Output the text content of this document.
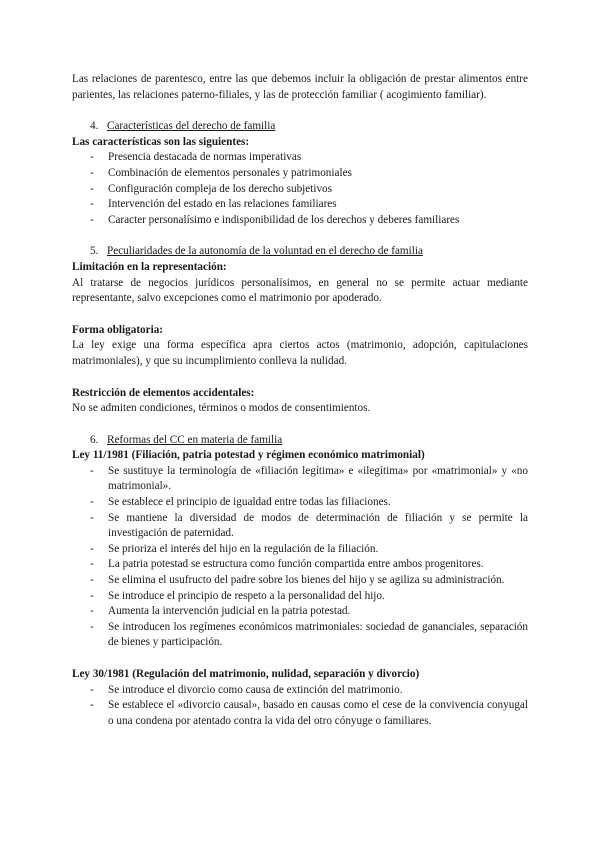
Las relaciones de parentesco, entre las que debemos incluir la obligación de prestar alimentos entre parientes, las relaciones paterno-filiales, y las de protección familiar ( acogimiento familiar).

4. Características del derecho de familia

Las características son las siguientes:

- Presencia destacada de normas imperativas
- Combinación de elementos personales y patrimoniales
- Configuración compleja de los derecho subjetivos
- Intervención del estado en las relaciones familiares
- Caracter personalísimo e indisponibilidad de los derechos y deberes familiares
5. Peculiaridades de la autonomía de la voluntad en el derecho de familia

Limitación en la representación:

Al tratarse de negocios jurídicos personalísimos, en general no se permite actuar mediante representante, salvo excepciones como el matrimonio por apoderado.

Forma obligatoria:

La ley exige una forma específica apra ciertos actos (matrimonio, adopción, capitulaciones matrimoniales), y que su incumplimiento conlleva la nulidad.

Restricción de elementos accidentales:

No se admiten condiciones, términos o modos de consentimientos.

6. Reformas del CC en materia de familia

Ley 11/1981 (Filiación, patria potestad y régimen económico matrimonial)

- Se sustituye la terminología de «filiación legítima» e «ilegítima» por «matrimonial» y «no matrimonial».
- Se establece el principio de igualdad entre todas las filiaciones.
- Se mantiene la diversidad de modos de determinación de filiación y se permite la investigación de paternidad.
- Se prioriza el interés del hijo en la regulación de la filiación.
- La patria potestad se estructura como función compartida entre ambos progenitores.
- Se elimina el usufructo del padre sobre los bienes del hijo y se agiliza su administración.
- Se introduce el principio de respeto a la personalidad del hijo.
- Aumenta la intervención judicial en la patria potestad.
- Se introducen los regímenes económicos matrimoniales: sociedad de gananciales, separación de bienes y participación.

Ley 30/1981 (Regulación del matrimonio, nulidad, separación y divorcio)

- Se introduce el divorcio como causa de extinción del matrimonio.
- Se establece el «divorcio causal», basado en causas como el cese de la convivencia conyugal o una condena por atentado contra la vida del otro cónyuge o familiares.
